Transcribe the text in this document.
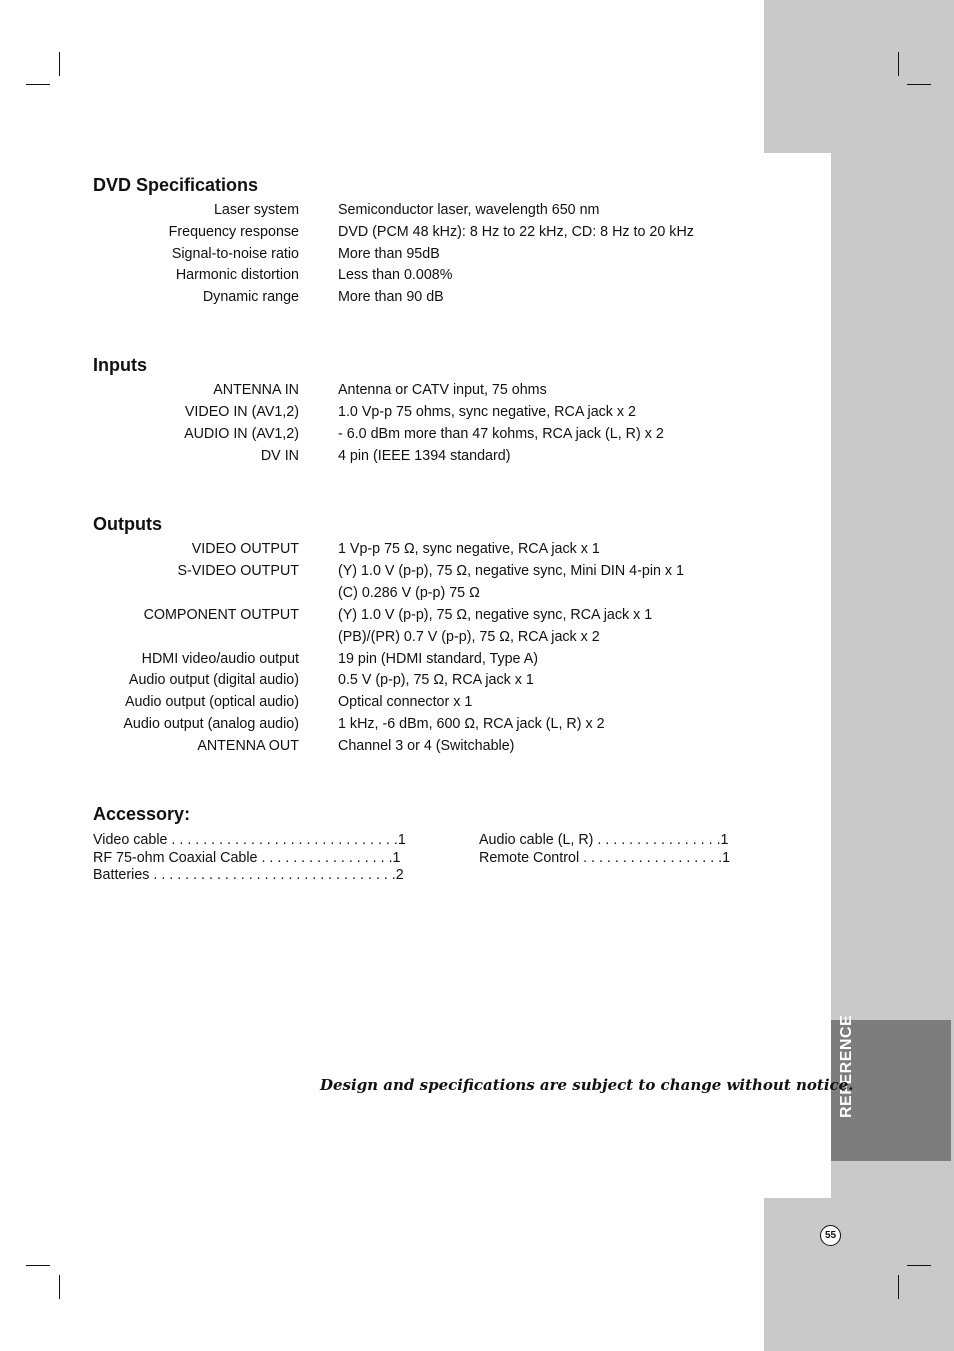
REFERENCE
55
DVD Specifications
Laser system	Semiconductor laser, wavelength 650 nm
Frequency response	DVD (PCM 48 kHz): 8 Hz to 22 kHz, CD: 8 Hz to 20 kHz
Signal-to-noise ratio	More than 95dB
Harmonic distortion	Less than 0.008%
Dynamic range	More than 90 dB
Inputs
ANTENNA IN	Antenna or CATV input, 75 ohms
VIDEO IN (AV1,2)	1.0 Vp-p 75 ohms, sync negative, RCA jack x 2
AUDIO IN (AV1,2)	- 6.0 dBm more than 47 kohms, RCA jack (L, R) x 2
DV IN	4 pin (IEEE 1394 standard)
Outputs
VIDEO OUTPUT	1 Vp-p 75 Ω, sync negative, RCA jack x 1
S-VIDEO OUTPUT	(Y) 1.0 V (p-p), 75 Ω, negative sync, Mini DIN 4-pin x 1
(C) 0.286 V (p-p) 75 Ω
COMPONENT OUTPUT	(Y) 1.0 V (p-p), 75 Ω, negative sync, RCA jack x 1
(PB)/(PR) 0.7 V (p-p), 75 Ω, RCA jack x 2
HDMI video/audio output	19 pin (HDMI standard, Type A)
Audio output (digital audio)	0.5 V (p-p), 75 Ω, RCA jack x 1
Audio output (optical audio)	Optical connector x 1
Audio output (analog audio)	1 kHz, -6 dBm, 600 Ω, RCA jack (L, R) x 2
ANTENNA OUT	Channel 3 or 4 (Switchable)
Accessory:
Video cable . . . . . . . . . . . . . . . . . . . . . . . . . . . . .1
RF 75-ohm Coaxial Cable . . . . . . . . . . . . . . . . .1
Batteries . . . . . . . . . . . . . . . . . . . . . . . . . . . . . . .2
Audio cable (L, R) . . . . . . . . . . . . . . . .1
Remote Control . . . . . . . . . . . . . . . . . .1
Design and specifications are subject to change without notice.
